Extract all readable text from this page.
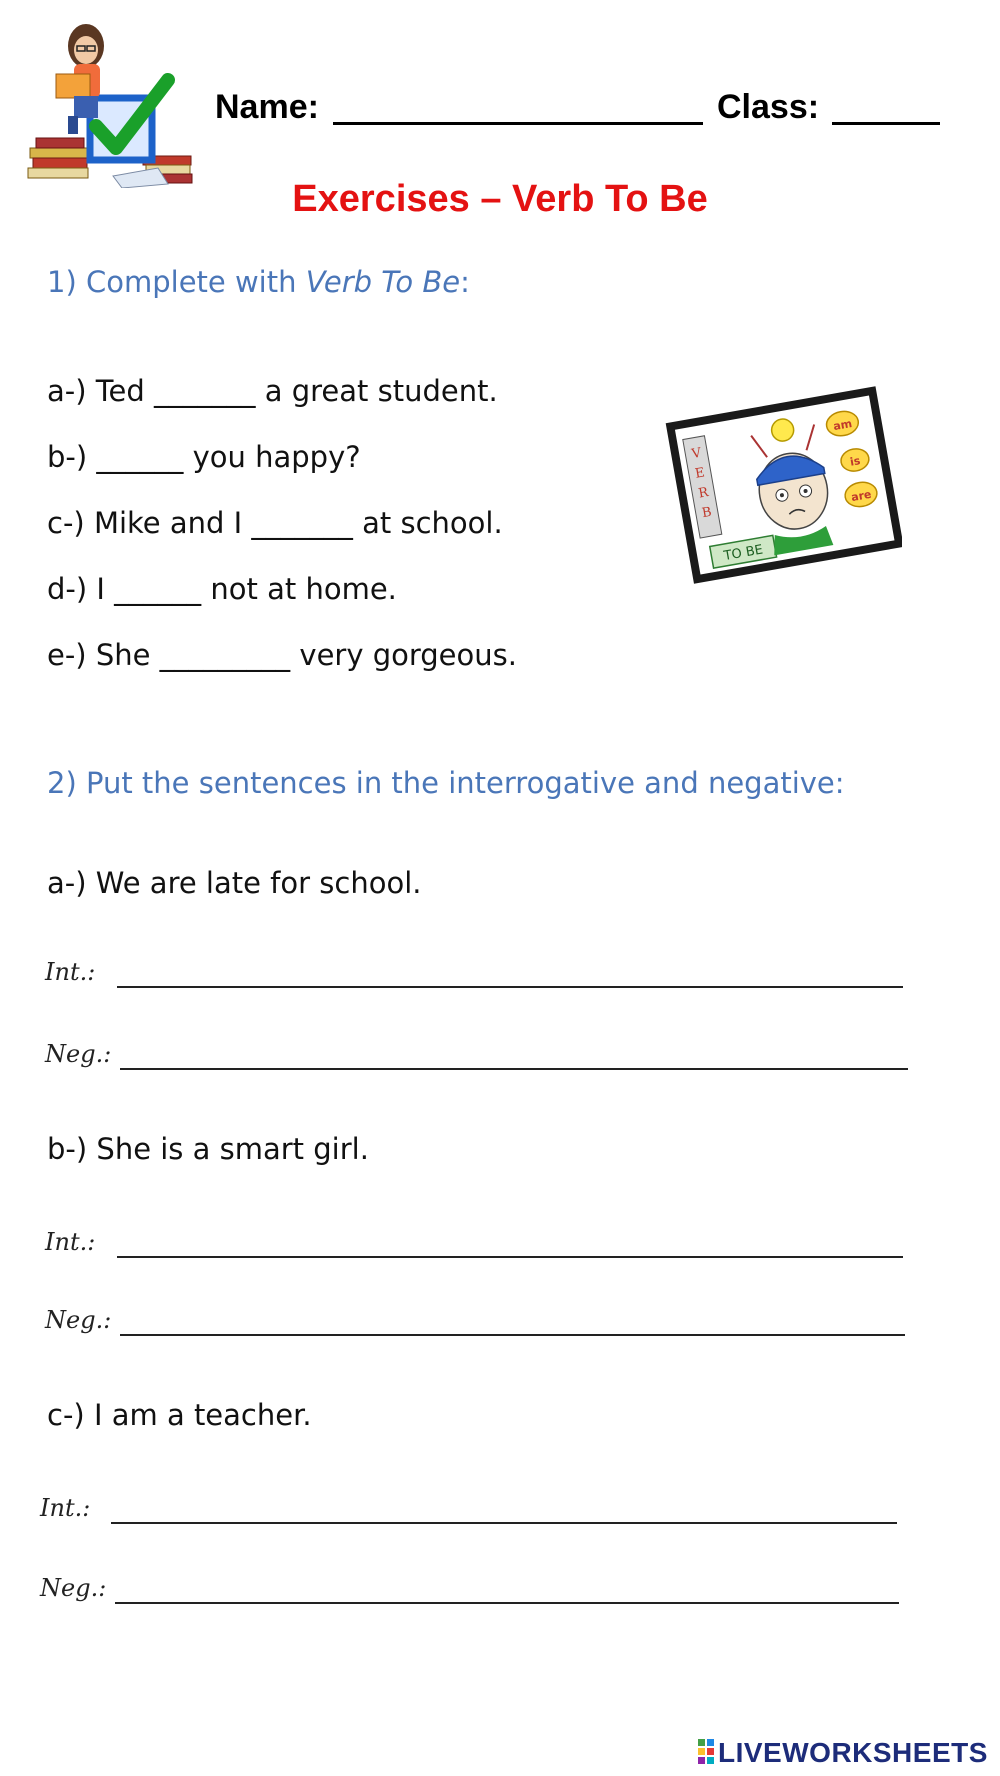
Name:	Class:
Exercises – Verb To Be
1) Complete with Verb To Be:
a-) Ted _______ a great student.
b-) ______ you happy?
c-) Mike and I _______ at school.
d-) I ______ not at home.
e-) She _________ very gorgeous.
V
E
R
B
TO BE
am
is
are
2) Put the sentences in the interrogative and negative:
a-) We are late for school.
Int.:
Neg.:
b-) She is a smart girl.
Int.:
Neg.:
c-) I am a teacher.
Int.:
Neg.:
LIVEWORKSHEETS
